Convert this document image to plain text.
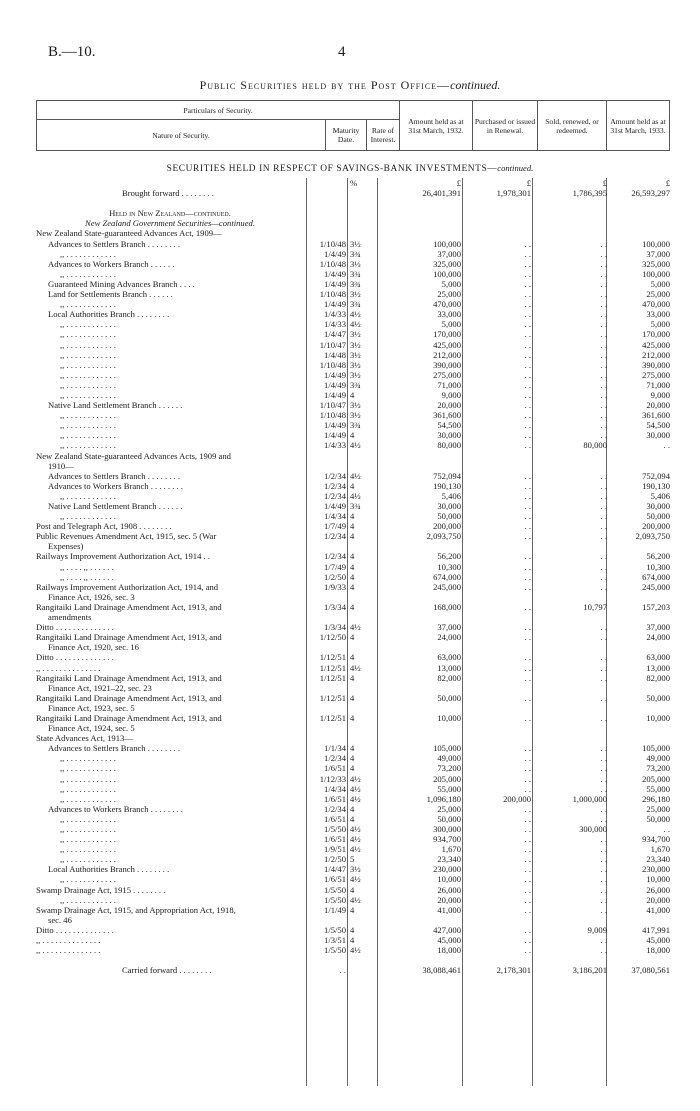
B.—10.	4
Public Securities held by the Post Office—continued.
Particulars of Security.			Amount held as at 31st March, 1932.	Purchased or issued in Renewal.	Sold, renewed, or redeemed.	Amount held as at 31st March, 1933.
Nature of Security.	Maturity Date.	Rate of Interest.				
SECURITIES HELD IN RESPECT OF SAVINGS-BANK INVESTMENTS—continued.
%	£	£	£	£
Brought forward . . . . . . . .	26,401,391	1,978,301	1,786,395	26,593,297
Held in New Zealand—continued.
New Zealand Government Securities—continued.
New Zealand State-guaranteed Advances Act, 1909—
Advances to Settlers Branch . . . . . . . .	1/10/48 3½	100,000	. .	. .	100,000
,, . . . . . . . . . . . .	1/4/49 3¾	37,000	. .	. .	37,000
Advances to Workers Branch . . . . . .	1/10/48 3½	325,000	. .	. .	325,000
,, . . . . . . . . . . . .	1/4/49 3¾	100,000	. .	. .	100,000
Guaranteed Mining Advances Branch . . . .	1/4/49 3¾	5,000	. .	. .	5,000
Land for Settlements Branch . . . . . .	1/10/48 3½	25,000	. .	. .	25,000
,, . . . . . . . . . . . .	1/4/49 3¾	470,000	. .	. .	470,000
Local Authorities Branch . . . . . . . .	1/4/33 4½	33,000	. .	. .	33,000
,, . . . . . . . . . . . .	1/4/33 4½	5,000	. .	. .	5,000
,, . . . . . . . . . . . .	1/4/47 3½	170,000	. .	. .	170,000
,, . . . . . . . . . . . .	1/10/47 3½	425,000	. .	. .	425,000
,, . . . . . . . . . . . .	1/4/48 3½	212,000	. .	. .	212,000
,, . . . . . . . . . . . .	1/10/48 3½	390,000	. .	. .	390,000
,, . . . . . . . . . . . .	1/4/49 3½	275,000	. .	. .	275,000
,, . . . . . . . . . . . .	1/4/49 3¾	71,000	. .	. .	71,000
,, . . . . . . . . . . . .	1/4/49 4	9,000	. .	. .	9,000
Native Land Settlement Branch . . . . . .	1/10/47 3½	20,000	. .	. .	20,000
,, . . . . . . . . . . . .	1/10/48 3½	361,600	. .	. .	361,600
,, . . . . . . . . . . . .	1/4/49 3¾	54,500	. .	. .	54,500
,, . . . . . . . . . . . .	1/4/49 4	30,000	. .	. .	30,000
,, . . . . . . . . . . . .	1/4/33 4½	80,000	. .	80,000	. .
New Zealand State-guaranteed Advances Acts, 1909 and
1910—
Advances to Settlers Branch . . . . . . . .	1/2/34 4½	752,094	. .	. .	752,094
Advances to Workers Branch . . . . . . . .	1/2/34 4	190,130	. .	. .	190,130
,, . . . . . . . . . . . .	1/2/34 4½	5,406	. .	. .	5,406
Native Land Settlement Branch . . . . . .	1/4/49 3¾	30,000	. .	. .	30,000
,, . . . . . . . . . . . .	1/4/34 4	50,000	. .	. .	50,000
Post and Telegraph Act, 1908 . . . . . . . .	1/7/49 4	200,000	. .	. .	200,000
Public Revenues Amendment Act, 1915, sec. 5 (War	1/2/34 4	2,093,750	. .	. .	2,093,750
Expenses)
Railways Improvement Authorization Act, 1914 . .	1/2/34 4	56,200	. .	. .	56,200
,, . . . . ,, . . . . . .	1/7/49 4	10,300	. .	. .	10,300
,, . . . . ,, . . . . . .	1/2/50 4	674,000	. .	. .	674,000
Railways Improvement Authorization Act, 1914, and	1/9/33 4	245,000	. .	. .	245,000
Finance Act, 1926, sec. 3
Rangitaiki Land Drainage Amendment Act, 1913, and	1/3/34 4	168,000	. .	10,797	157,203
amendments
Ditto . . . . . . . . . . . . . .	1/3/34 4½	37,000	. .	. .	37,000
Rangitaiki Land Drainage Amendment Act, 1913, and	1/12/50 4	24,000	. .	. .	24,000
Finance Act, 1920, sec. 16
Ditto . . . . . . . . . . . . . .	1/12/51 4	63,000	. .	. .	63,000
,, . . . . . . . . . . . . . .	1/12/51 4½	13,000	. .	. .	13,000
Rangitaiki Land Drainage Amendment Act, 1913, and	1/12/51 4	82,000	. .	. .	82,000
Finance Act, 1921–22, sec. 23
Rangitaiki Land Drainage Amendment Act, 1913, and	1/12/51 4	50,000	. .	. .	50,000
Finance Act, 1923, sec. 5
Rangitaiki Land Drainage Amendment Act, 1913, and	1/12/51 4	10,000	. .	. .	10,000
Finance Act, 1924, sec. 5
State Advances Act, 1913—
Advances to Settlers Branch . . . . . . . .	1/1/34 4	105,000	. .	. .	105,000
,, . . . . . . . . . . . .	1/2/34 4	49,000	. .	. .	49,000
,, . . . . . . . . . . . .	1/6/51 4	73,200	. .	. .	73,200
,, . . . . . . . . . . . .	1/12/33 4½	205,000	. .	. .	205,000
,, . . . . . . . . . . . .	1/4/34 4½	55,000	. .	. .	55,000
,, . . . . . . . . . . . .	1/6/51 4½	1,096,180	200,000	1,000,000	296,180
Advances to Workers Branch . . . . . . . .	1/2/34 4	25,000	. .	. .	25,000
,, . . . . . . . . . . . .	1/6/51 4	50,000	. .	. .	50,000
,, . . . . . . . . . . . .	1/5/50 4½	300,000	. .	300,000	. .
,, . . . . . . . . . . . .	1/6/51 4½	934,700	. .	. .	934,700
,, . . . . . . . . . . . .	1/9/51 4½	1,670	. .	. .	1,670
,, . . . . . . . . . . . .	1/2/50 5	23,340	. .	. .	23,340
Local Authorities Branch . . . . . . . .	1/4/47 3½	230,000	. .	. .	230,000
,, . . . . . . . . . . . .	1/6/51 4½	10,000	. .	. .	10,000
Swamp Drainage Act, 1915 . . . . . . . .	1/5/50 4	26,000	. .	. .	26,000
,, . . . . . . . . . . . .	1/5/50 4½	20,000	. .	. .	20,000
Swamp Drainage Act, 1915, and Appropriation Act, 1918,	1/1/49 4	41,000	. .	. .	41,000
sec. 46
Ditto . . . . . . . . . . . . . .	1/5/50 4	427,000	. .	9,009	417,991
,, . . . . . . . . . . . . . .	1/3/51 4	45,000	. .	. .	45,000
,, . . . . . . . . . . . . . .	1/5/50 4½	18,000	. .	. .	18,000
Carried forward . . . . . . . .	. .	38,088,461	2,178,301	3,186,201	37,080,561
